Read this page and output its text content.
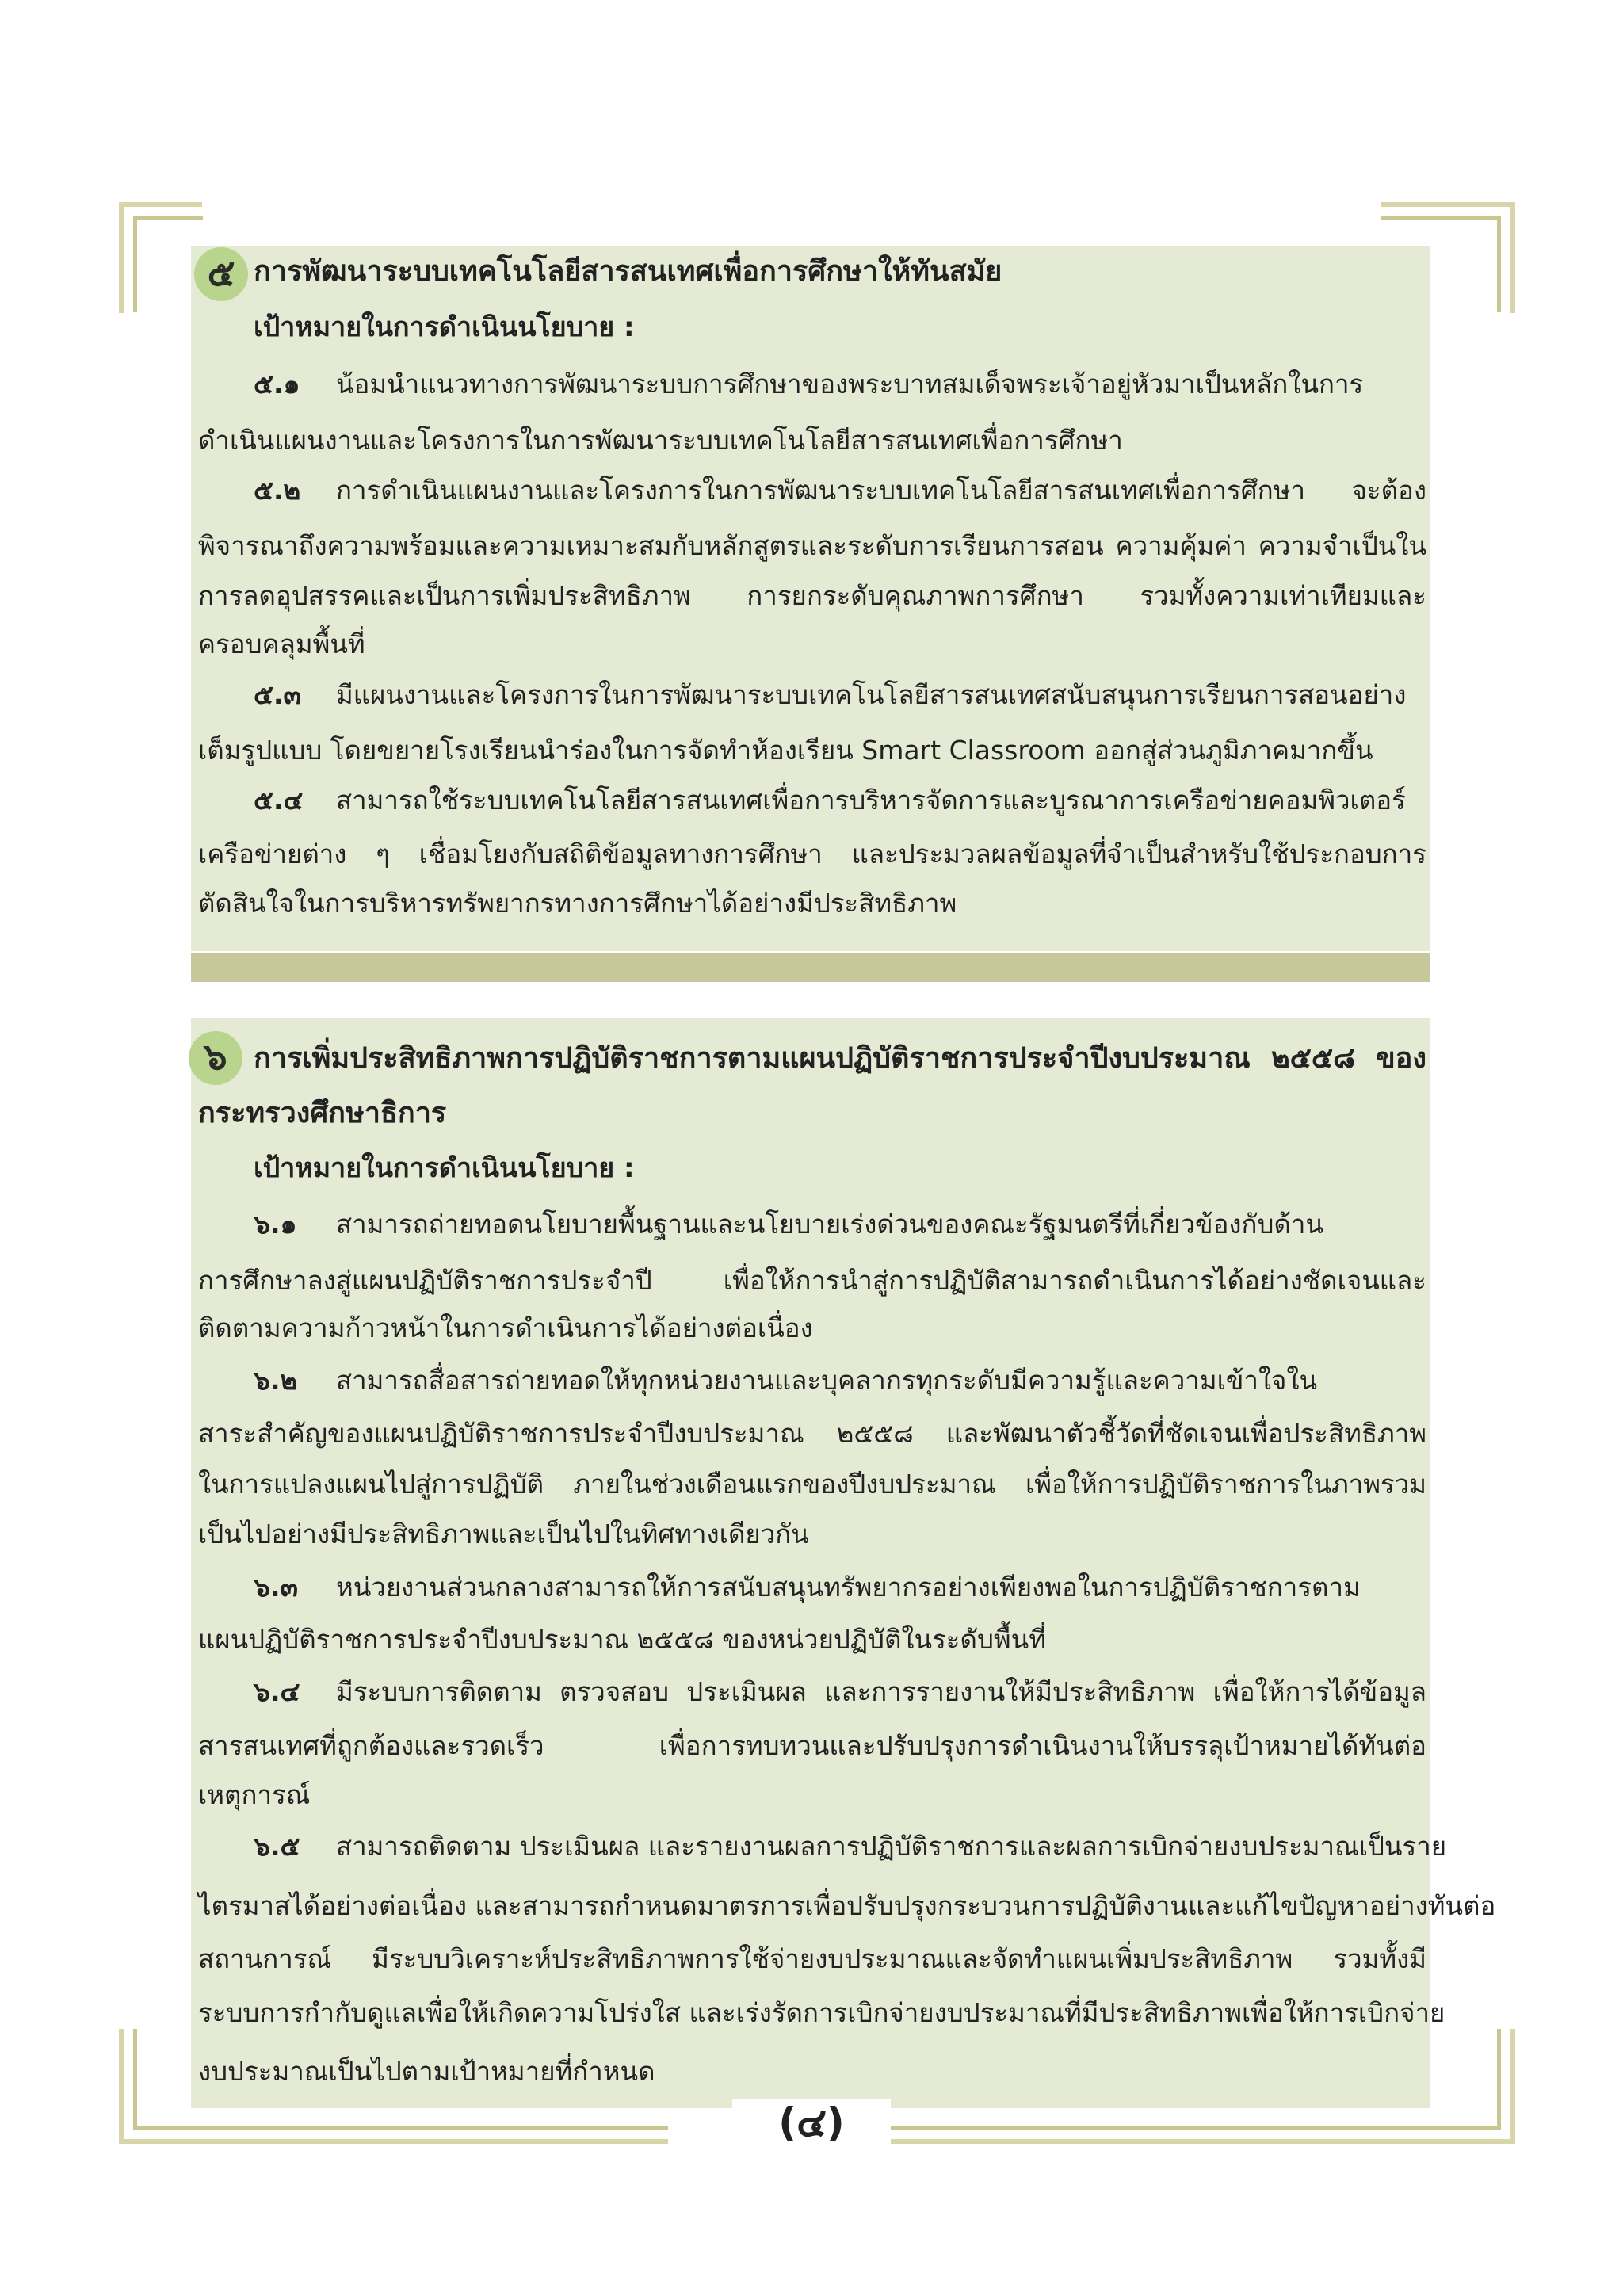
๕ การพัฒนาระบบเทคโนโลยีสารสนเทศเพื่อการศึกษาให้ทันสมัย
เป้าหมายในการดำเนินนโยบาย :
๕.๑ น้อมนำแนวทางการพัฒนาระบบการศึกษาของพระบาทสมเด็จพระเจ้าอยู่หัวมาเป็นหลักในการ
ดำเนินแผนงานและโครงการในการพัฒนาระบบเทคโนโลยีสารสนเทศเพื่อการศึกษา
๕.๒ การดำเนินแผนงานและโครงการในการพัฒนาระบบเทคโนโลยีสารสนเทศเพื่อการศึกษา จะต้อง
พิจารณาถึงความพร้อมและความเหมาะสมกับหลักสูตรและระดับการเรียนการสอน ความคุ้มค่า ความจำเป็นใน
การลดอุปสรรคและเป็นการเพิ่มประสิทธิภาพ การยกระดับคุณภาพการศึกษา รวมทั้งความเท่าเทียมและ
ครอบคลุมพื้นที่
๕.๓ มีแผนงานและโครงการในการพัฒนาระบบเทคโนโลยีสารสนเทศสนับสนุนการเรียนการสอนอย่าง
เต็มรูปแบบ โดยขยายโรงเรียนนำร่องในการจัดทำห้องเรียน Smart Classroom ออกสู่ส่วนภูมิภาคมากขึ้น
๕.๔ สามารถใช้ระบบเทคโนโลยีสารสนเทศเพื่อการบริหารจัดการและบูรณาการเครือข่ายคอมพิวเตอร์
เครือข่ายต่าง ๆ เชื่อมโยงกับสถิติข้อมูลทางการศึกษา และประมวลผลข้อมูลที่จำเป็นสำหรับใช้ประกอบการ
ตัดสินใจในการบริหารทรัพยากรทางการศึกษาได้อย่างมีประสิทธิภาพ
๖ การเพิ่มประสิทธิภาพการปฏิบัติราชการตามแผนปฏิบัติราชการประจำปีงบประมาณ ๒๕๕๘ ของ
กระทรวงศึกษาธิการ
เป้าหมายในการดำเนินนโยบาย :
๖.๑ สามารถถ่ายทอดนโยบายพื้นฐานและนโยบายเร่งด่วนของคณะรัฐมนตรีที่เกี่ยวข้องกับด้าน
การศึกษาลงสู่แผนปฏิบัติราชการประจำปี เพื่อให้การนำสู่การปฏิบัติสามารถดำเนินการได้อย่างชัดเจนและ
ติดตามความก้าวหน้าในการดำเนินการได้อย่างต่อเนื่อง
๖.๒ สามารถสื่อสารถ่ายทอดให้ทุกหน่วยงานและบุคลากรทุกระดับมีความรู้และความเข้าใจใน
สาระสำคัญของแผนปฏิบัติราชการประจำปีงบประมาณ ๒๕๕๘ และพัฒนาตัวชี้วัดที่ชัดเจนเพื่อประสิทธิภาพ
ในการแปลงแผนไปสู่การปฏิบัติ ภายในช่วงเดือนแรกของปีงบประมาณ เพื่อให้การปฏิบัติราชการในภาพรวม
เป็นไปอย่างมีประสิทธิภาพและเป็นไปในทิศทางเดียวกัน
๖.๓ หน่วยงานส่วนกลางสามารถให้การสนับสนุนทรัพยากรอย่างเพียงพอในการปฏิบัติราชการตาม
แผนปฏิบัติราชการประจำปีงบประมาณ ๒๕๕๘ ของหน่วยปฏิบัติในระดับพื้นที่
๖.๔ มีระบบการติดตาม ตรวจสอบ ประเมินผล และการรายงานให้มีประสิทธิภาพ เพื่อให้การได้ข้อมูล
สารสนเทศที่ถูกต้องและรวดเร็ว เพื่อการทบทวนและปรับปรุงการดำเนินงานให้บรรลุเป้าหมายได้ทันต่อ
เหตุการณ์
๖.๕ สามารถติดตาม ประเมินผล และรายงานผลการปฏิบัติราชการและผลการเบิกจ่ายงบประมาณเป็นราย
ไตรมาสได้อย่างต่อเนื่อง และสามารถกำหนดมาตรการเพื่อปรับปรุงกระบวนการปฏิบัติงานและแก้ไขปัญหาอย่างทันต่อ
สถานการณ์ มีระบบวิเคราะห์ประสิทธิภาพการใช้จ่ายงบประมาณและจัดทำแผนเพิ่มประสิทธิภาพ รวมทั้งมี
ระบบการกำกับดูแลเพื่อให้เกิดความโปร่งใส และเร่งรัดการเบิกจ่ายงบประมาณที่มีประสิทธิภาพเพื่อให้การเบิกจ่าย
งบประมาณเป็นไปตามเป้าหมายที่กำหนด
(๔)
